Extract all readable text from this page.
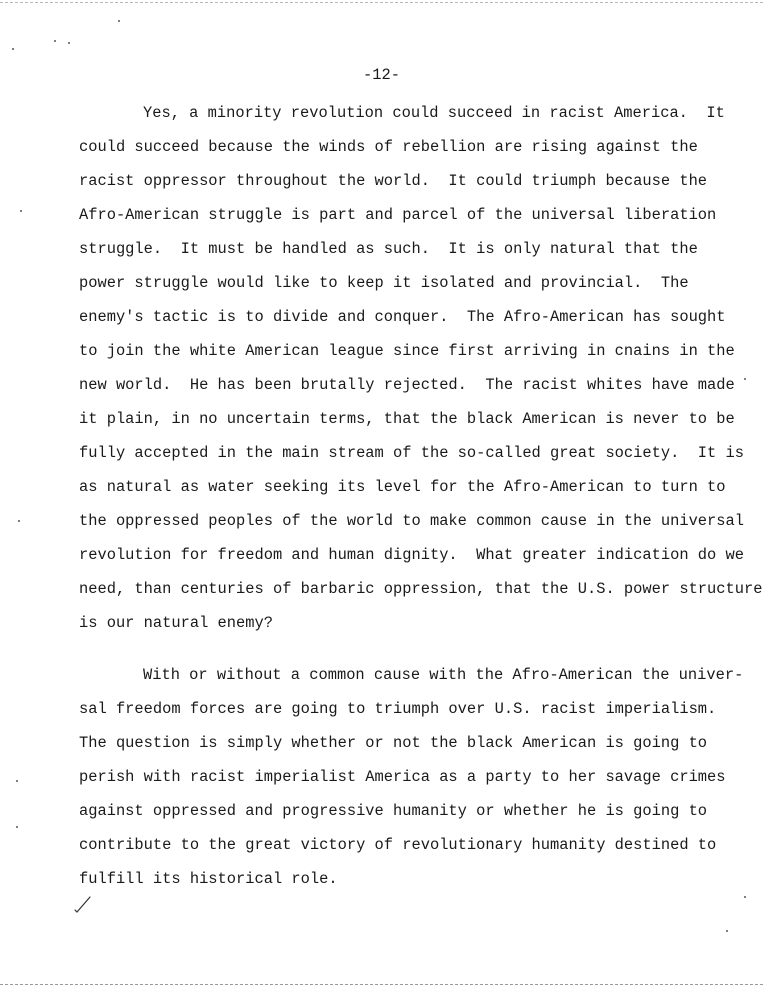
-12-
Yes, a minority revolution could succeed in racist America.  It
could succeed because the winds of rebellion are rising against the
racist oppressor throughout the world.  It could triumph because the
Afro-American struggle is part and parcel of the universal liberation
struggle.  It must be handled as such.  It is only natural that the
power struggle would like to keep it isolated and provincial.  The
enemy's tactic is to divide and conquer.  The Afro-American has sought
to join the white American league since first arriving in cnains in the
new world.  He has been brutally rejected.  The racist whites have made
it plain, in no uncertain terms, that the black American is never to be
fully accepted in the main stream of the so-called great society.  It is
as natural as water seeking its level for the Afro-American to turn to
the oppressed peoples of the world to make common cause in the universal
revolution for freedom and human dignity.  What greater indication do we
need, than centuries of barbaric oppression, that the U.S. power structure
is our natural enemy?
With or without a common cause with the Afro-American the univer-
sal freedom forces are going to triumph over U.S. racist imperialism.
The question is simply whether or not the black American is going to
perish with racist imperialist America as a party to her savage crimes
against oppressed and progressive humanity or whether he is going to
contribute to the great victory of revolutionary humanity destined to
fulfill its historical role.
